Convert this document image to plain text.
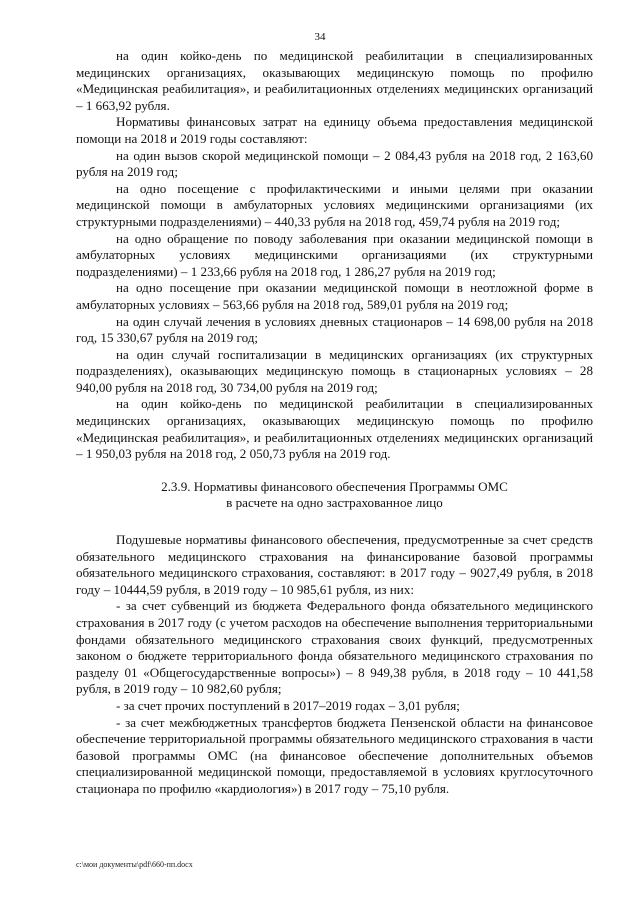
34

на один койко-день по медицинской реабилитации в специализированных медицинских организациях, оказывающих медицинскую помощь по профилю «Медицинская реабилитация», и реабилитационных отделениях медицинских организаций – 1 663,92 рубля.

Нормативы финансовых затрат на единицу объема предоставления медицинской помощи на 2018 и 2019 годы составляют:

на один вызов скорой медицинской помощи – 2 084,43 рубля на 2018 год, 2 163,60 рубля на 2019 год;

на одно посещение с профилактическими и иными целями при оказании медицинской помощи в амбулаторных условиях медицинскими организациями (их структурными подразделениями) – 440,33 рубля на 2018 год, 459,74 рубля на 2019 год;

на одно обращение по поводу заболевания при оказании медицинской помощи в амбулаторных условиях медицинскими организациями (их структурными подразделениями) – 1 233,66 рубля на 2018 год, 1 286,27 рубля на 2019 год;

на одно посещение при оказании медицинской помощи в неотложной форме в амбулаторных условиях – 563,66 рубля на 2018 год, 589,01 рубля на 2019 год;

на один случай лечения в условиях дневных стационаров – 14 698,00 рубля на 2018 год, 15 330,67 рубля на 2019 год;

на один случай госпитализации в медицинских организациях (их структурных подразделениях), оказывающих медицинскую помощь в стационарных условиях – 28 940,00 рубля на 2018 год, 30 734,00 рубля на 2019 год;

на один койко-день по медицинской реабилитации в специализированных медицинских организациях, оказывающих медицинскую помощь по профилю «Медицинская реабилитация», и реабилитационных отделениях медицинских организаций – 1 950,03 рубля на 2018 год, 2 050,73 рубля на 2019 год.

2.3.9. Нормативы финансового обеспечения Программы ОМС
в расчете на одно застрахованное лицо

Подушевые нормативы финансового обеспечения, предусмотренные за счет средств обязательного медицинского страхования на финансирование базовой программы обязательного медицинского страхования, составляют: в 2017 году – 9027,49 рубля, в 2018 году – 10444,59 рубля, в 2019 году – 10 985,61 рубля, из них:

- за счет субвенций из бюджета Федерального фонда обязательного медицинского страхования в 2017 году (с учетом расходов на обеспечение выполнения территориальными фондами обязательного медицинского страхования своих функций, предусмотренных законом о бюджете территориального фонда обязательного медицинского страхования по разделу 01 «Общегосударственные вопросы») – 8 949,38 рубля, в 2018 году – 10 441,58 рубля, в 2019 году – 10 982,60 рубля;

- за счет прочих поступлений в 2017–2019 годах – 3,01 рубля;

- за счет межбюджетных трансфертов бюджета Пензенской области на финансовое обеспечение территориальной программы обязательного медицинского страхования в части базовой программы ОМС (на финансовое обеспечение дополнительных объемов специализированной медицинской помощи, предоставляемой в условиях круглосуточного стационара по профилю «кардиология») в 2017 году – 75,10 рубля.

c:\мои документы\pdf\660-пп.docx
